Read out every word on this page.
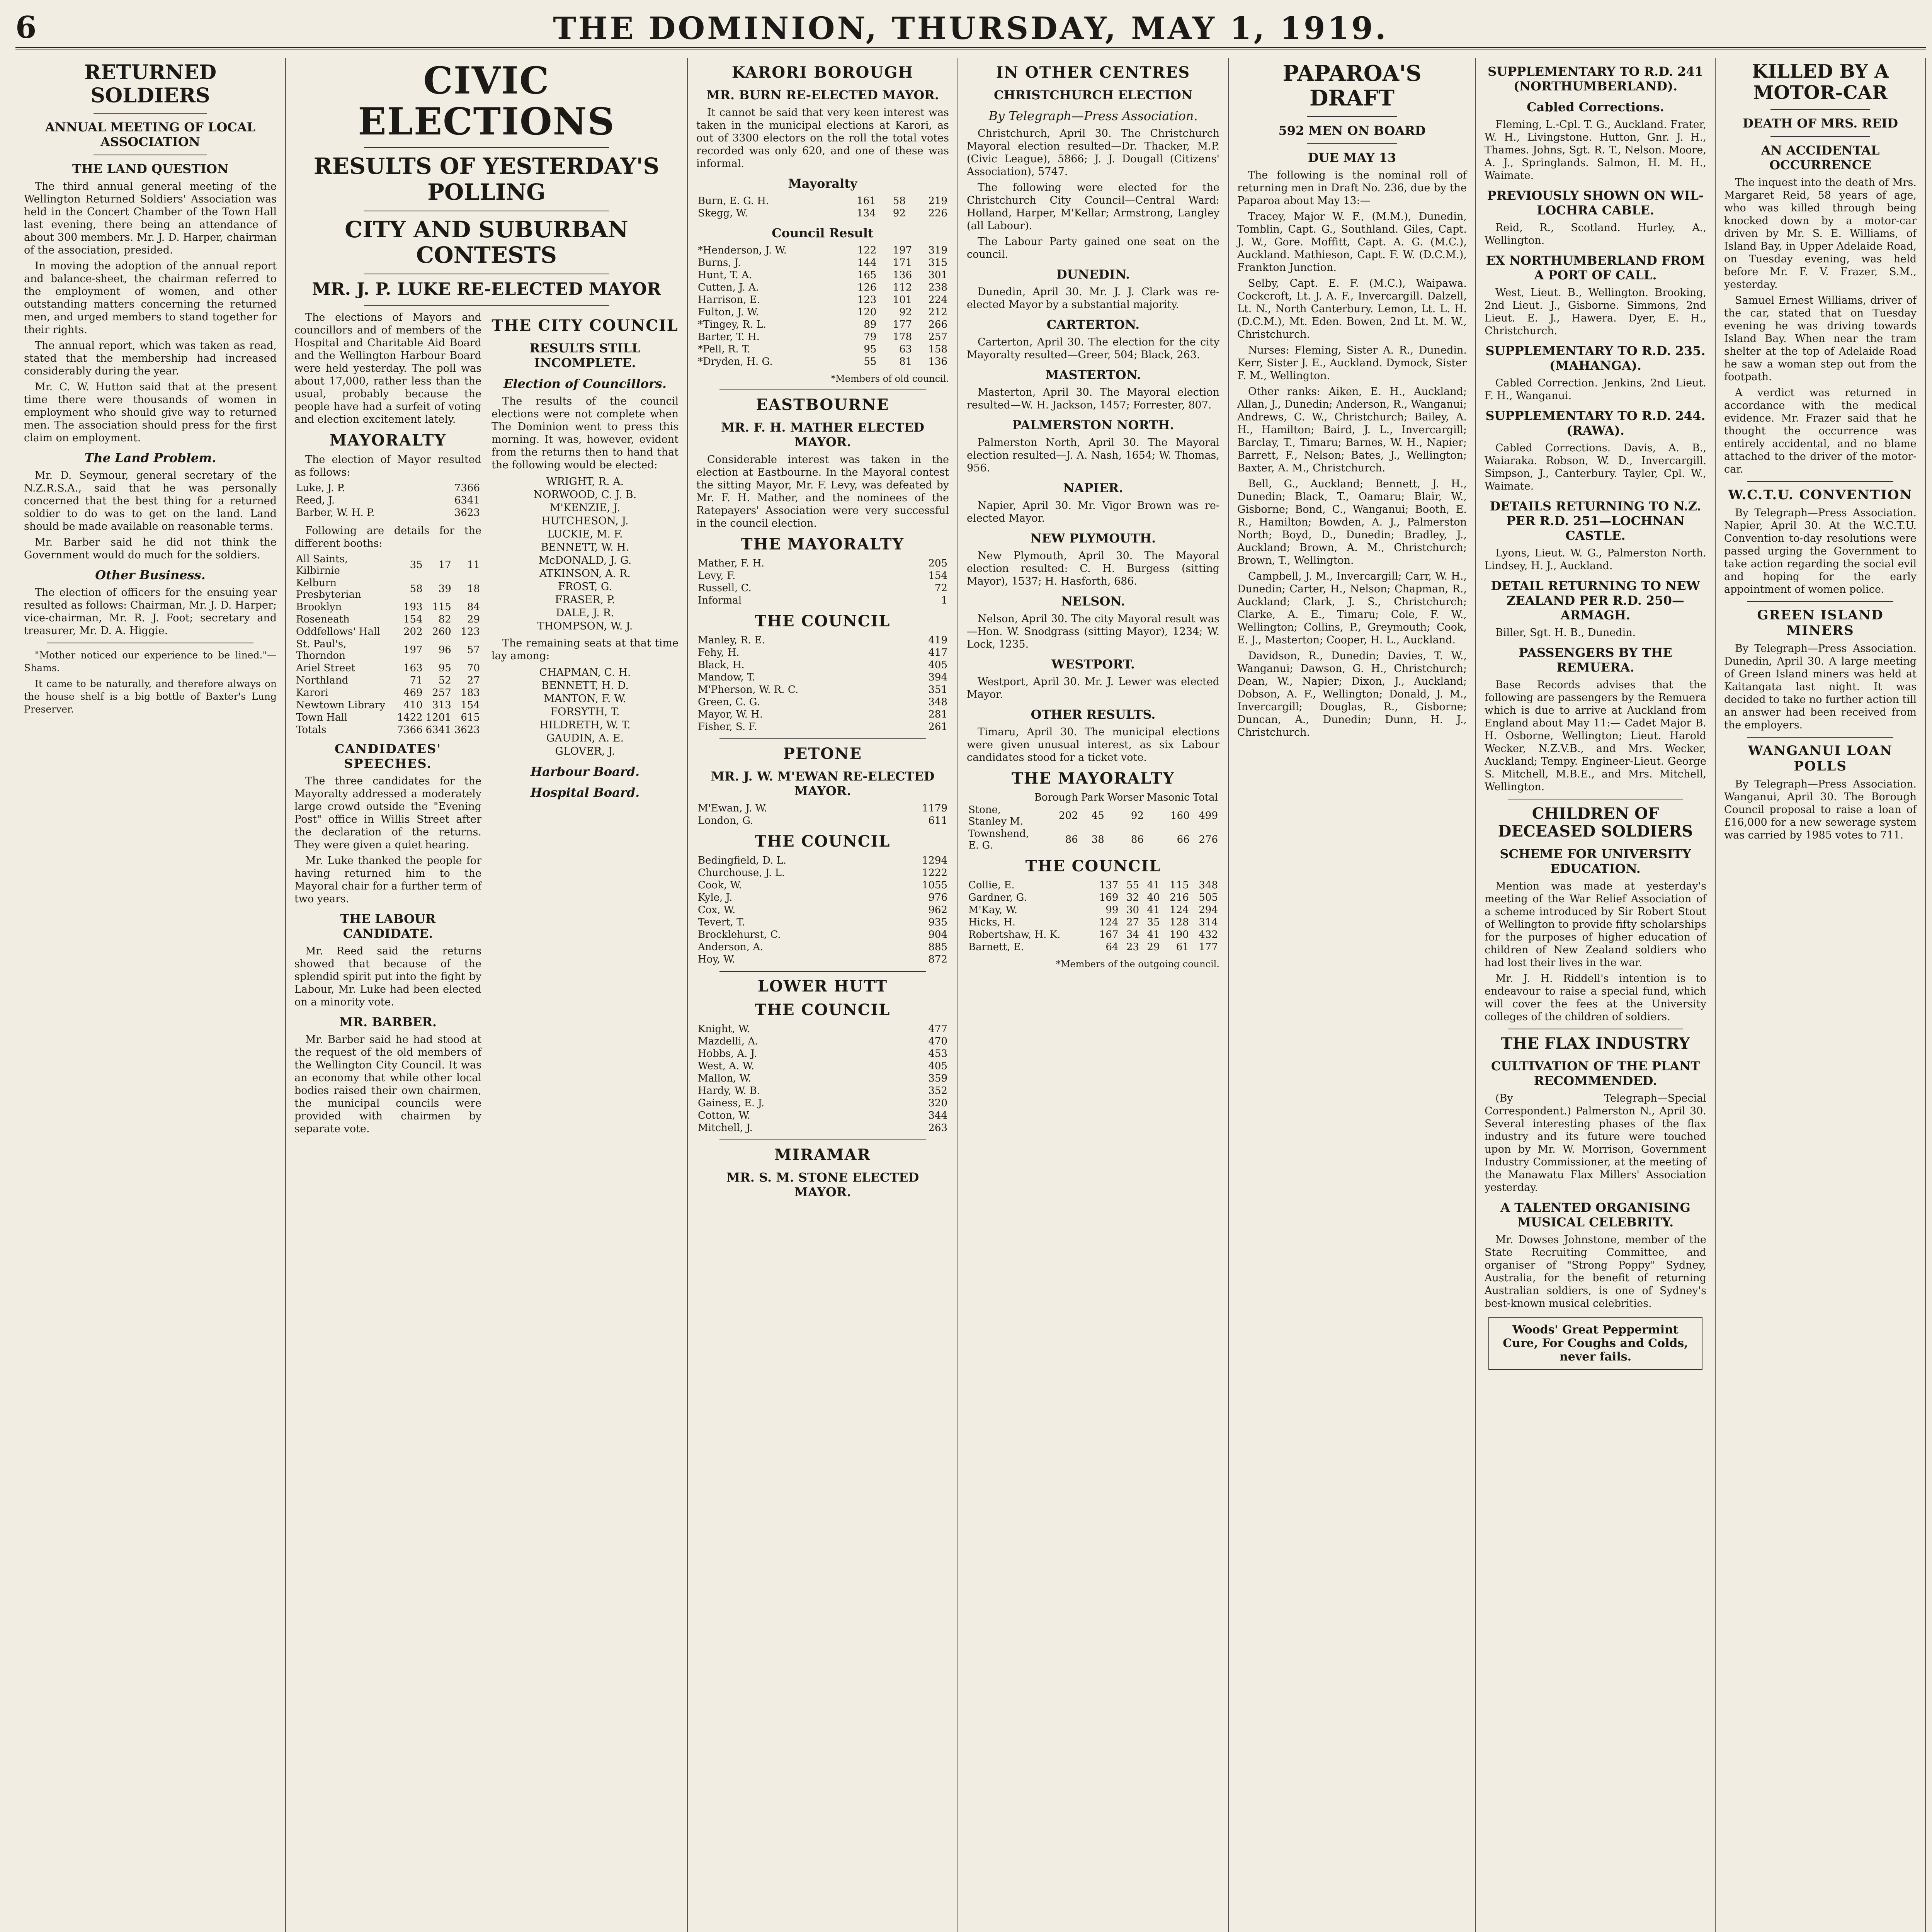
6	THE DOMINION, THURSDAY, MAY 1, 1919.
RETURNED SOLDIERS
ANNUAL MEETING OF LOCAL ASSOCIATION
THE LAND QUESTION

The third annual general meeting of the Wellington Returned Soldiers' Association was held in the Concert Chamber of the Town Hall last evening, there being an attendance of about 300 members. Mr. J. D. Harper, chairman of the association, presided.

In moving the adoption of the annual report and balance-sheet, the chairman referred to the employment of women, and other outstanding matters concerning the returned men, and urged members to stand together for their rights.

The annual report, which was taken as read, stated that the membership had increased considerably during the year.

Mr. C. W. Hutton said that at the present time there were thousands of women in employment who should give way to returned men. The association should press for the first claim on employment.

The Land Problem.

Mr. D. Seymour, general secretary of the N.Z.R.S.A., said that he was personally concerned that the best thing for a returned soldier to do was to get on the land. Land should be made available on reasonable terms.

Mr. Barber said he did not think the Government would do much for the soldiers.

Other Business.

The election of officers for the ensuing year resulted as follows: Chairman, Mr. J. D. Harper; vice-chairman, Mr. R. J. Foot; secretary and treasurer, Mr. D. A. Higgie.

"Mother noticed our experience to be lined."—Shams.

It came to be naturally, and therefore always on the house shelf is a big bottle of Baxter's Lung Preserver.

CIVIC ELECTIONS
RESULTS OF YESTERDAY'S POLLING
CITY AND SUBURBAN CONTESTS
MR. J. P. LUKE RE-ELECTED MAYOR

The elections of Mayors and councillors and of members of the Hospital and Charitable Aid Board and the Wellington Harbour Board were held yesterday. The poll was about 17,000, rather less than the usual, probably because the people have had a surfeit of voting and election excitement lately.

MAYORALTY

The election of Mayor resulted as follows:

Luke, J. P.	7366
Reed, J.	6341
Barber, W. H. P.	3623

Following are details for the different booths:

All Saints, Kilbirnie	35	17	11
Kelburn Presbyterian	58	39	18
Brooklyn	193	115	84
Roseneath	154	82	29
Oddfellows' Hall	202	260	123
St. Paul's, Thorndon	197	96	57
Ariel Street	163	95	70
Northland	71	52	27
Karori	469	257	183
Newtown Library	410	313	154
Town Hall	1422	1201	615
Totals	7366	6341	3623
CANDIDATES' SPEECHES.

The three candidates for the Mayoralty addressed a moderately large crowd outside the "Evening Post" office in Willis Street after the declaration of the returns. They were given a quiet hearing.

Mr. Luke thanked the people for having returned him to the Mayoral chair for a further term of two years.

THE LABOUR CANDIDATE.

Mr. Reed said the returns showed that because of the splendid spirit put into the fight by Labour, Mr. Luke had been elected on a minority vote.

MR. BARBER.

Mr. Barber said he had stood at the request of the old members of the Wellington City Council. It was an economy that while other local bodies raised their own chairmen, the municipal councils were provided with chairmen by separate vote.

THE CITY COUNCIL
RESULTS STILL INCOMPLETE.
Election of Councillors.

The results of the council elections were not complete when The Dominion went to press this morning. It was, however, evident from the returns then to hand that the following would be elected:

WRIGHT, R. A.
NORWOOD, C. J. B.
M'KENZIE, J.
HUTCHESON, J.
LUCKIE, M. F.
BENNETT, W. H.
McDONALD, J. G.
ATKINSON, A. R.
FROST, G.
FRASER, P.
DALE, J. R.
THOMPSON, W. J.

The remaining seats at that time lay among:

CHAPMAN, C. H.
BENNETT, H. D.
MANTON, F. W.
FORSYTH, T.
HILDRETH, W. T.
GAUDIN, A. E.
GLOVER, J.
Harbour Board.
Hospital Board.
KARORI BOROUGH
MR. BURN RE-ELECTED MAYOR.

It cannot be said that very keen interest was taken in the municipal elections at Karori, as out of 3300 electors on the roll the total votes recorded was only 620, and one of these was informal.

Mayoralty
Burn, E. G. H.	161	58	219
Skegg, W.	134	92	226
Council Result
*Henderson, J. W.	122	197	319
Burns, J.	144	171	315
Hunt, T. A.	165	136	301
Cutten, J. A.	126	112	238
Harrison, E.	123	101	224
Fulton, J. W.	120	92	212
*Tingey, R. L.	89	177	266
Barter, T. H.	79	178	257
*Pell, R. T.	95	63	158
*Dryden, H. G.	55	81	136
*Members of old council.
EASTBOURNE
MR. F. H. MATHER ELECTED MAYOR.

Considerable interest was taken in the election at Eastbourne. In the Mayoral contest the sitting Mayor, Mr. F. Levy, was defeated by Mr. F. H. Mather, and the nominees of the Ratepayers' Association were very successful in the council election.

THE MAYORALTY
Mather, F. H.	205
Levy, F.	154
Russell, C.	72
Informal	1
THE COUNCIL
Manley, R. E.	419
Fehy, H.	417
Black, H.	405
Mandow, T.	394
M'Pherson, W. R. C.	351
Green, C. G.	348
Mayor, W. H.	281
Fisher, S. F.	261
PETONE
MR. J. W. M'EWAN RE-ELECTED MAYOR.
M'Ewan, J. W.	1179
London, G.	611
THE COUNCIL
Bedingfield, D. L.	1294
Churchouse, J. L.	1222
Cook, W.	1055
Kyle, J.	976
Cox, W.	962
Tevert, T.	935
Brocklehurst, C.	904
Anderson, A.	885
Hoy, W.	872
LOWER HUTT
THE COUNCIL
Knight, W.	477
Mazdelli, A.	470
Hobbs, A. J.	453
West, A. W.	405
Mallon, W.	359
Hardy, W. B.	352
Gainess, E. J.	320
Cotton, W.	344
Mitchell, J.	263
MIRAMAR
MR. S. M. STONE ELECTED MAYOR.
IN OTHER CENTRES
CHRISTCHURCH ELECTION
By Telegraph—Press Association.

Christchurch, April 30. The Christchurch Mayoral election resulted—Dr. Thacker, M.P. (Civic League), 5866; J. J. Dougall (Citizens' Association), 5747.

The following were elected for the Christchurch City Council—Central Ward: Holland, Harper, M'Kellar; Armstrong, Langley (all Labour).

The Labour Party gained one seat on the council.

DUNEDIN.

Dunedin, April 30. Mr. J. J. Clark was re-elected Mayor by a substantial majority.

CARTERTON.

Carterton, April 30. The election for the city Mayoralty resulted—Greer, 504; Black, 263.

MASTERTON.

Masterton, April 30. The Mayoral election resulted—W. H. Jackson, 1457; Forrester, 807.

PALMERSTON NORTH.

Palmerston North, April 30. The Mayoral election resulted—J. A. Nash, 1654; W. Thomas, 956.

NAPIER.

Napier, April 30. Mr. Vigor Brown was re-elected Mayor.

NEW PLYMOUTH.

New Plymouth, April 30. The Mayoral election resulted: C. H. Burgess (sitting Mayor), 1537; H. Hasforth, 686.

NELSON.

Nelson, April 30. The city Mayoral result was—Hon. W. Snodgrass (sitting Mayor), 1234; W. Lock, 1235.

WESTPORT.

Westport, April 30. Mr. J. Lewer was elected Mayor.

OTHER RESULTS.

Timaru, April 30. The municipal elections were given unusual interest, as six Labour candidates stood for a ticket vote.

THE MAYORALTY
	Borough	Park	Worser	Masonic	Total
Stone, Stanley M.	202	45	92	160	499
Townshend, E. G.	86	38	86	66	276
THE COUNCIL
Collie, E.	137	55	41	115	348
Gardner, G.	169	32	40	216	505
M'Kay, W.	99	30	41	124	294
Hicks, H.	124	27	35	128	314
Robertshaw, H. K.	167	34	41	190	432
Barnett, E.	64	23	29	61	177
*Members of the outgoing council.
PAPAROA'S DRAFT
592 MEN ON BOARD
DUE MAY 13

The following is the nominal roll of returning men in Draft No. 236, due by the Paparoa about May 13:—

Tracey, Major W. F., (M.M.), Dunedin, Tomblin, Capt. G., Southland. Giles, Capt. J. W., Gore. Moffitt, Capt. A. G. (M.C.), Auckland. Mathieson, Capt. F. W. (D.C.M.), Frankton Junction.

Selby, Capt. E. F. (M.C.), Waipawa. Cockcroft, Lt. J. A. F., Invercargill. Dalzell, Lt. N., North Canterbury. Lemon, Lt. L. H. (D.C.M.), Mt. Eden. Bowen, 2nd Lt. M. W., Christchurch.

Nurses: Fleming, Sister A. R., Dunedin. Kerr, Sister J. E., Auckland. Dymock, Sister F. M., Wellington.

Other ranks: Aiken, E. H., Auckland; Allan, J., Dunedin; Anderson, R., Wanganui; Andrews, C. W., Christchurch; Bailey, A. H., Hamilton; Baird, J. L., Invercargill; Barclay, T., Timaru; Barnes, W. H., Napier; Barrett, F., Nelson; Bates, J., Wellington; Baxter, A. M., Christchurch.

Bell, G., Auckland; Bennett, J. H., Dunedin; Black, T., Oamaru; Blair, W., Gisborne; Bond, C., Wanganui; Booth, E. R., Hamilton; Bowden, A. J., Palmerston North; Boyd, D., Dunedin; Bradley, J., Auckland; Brown, A. M., Christchurch; Brown, T., Wellington.

Campbell, J. M., Invercargill; Carr, W. H., Dunedin; Carter, H., Nelson; Chapman, R., Auckland; Clark, J. S., Christchurch; Clarke, A. E., Timaru; Cole, F. W., Wellington; Collins, P., Greymouth; Cook, E. J., Masterton; Cooper, H. L., Auckland.

Davidson, R., Dunedin; Davies, T. W., Wanganui; Dawson, G. H., Christchurch; Dean, W., Napier; Dixon, J., Auckland; Dobson, A. F., Wellington; Donald, J. M., Invercargill; Douglas, R., Gisborne; Duncan, A., Dunedin; Dunn, H. J., Christchurch.

SUPPLEMENTARY TO R.D. 241 (NORTHUMBERLAND).
Cabled Corrections.

Fleming, L.-Cpl. T. G., Auckland. Frater, W. H., Livingstone. Hutton, Gnr. J. H., Thames. Johns, Sgt. R. T., Nelson. Moore, A. J., Springlands. Salmon, H. M. H., Waimate.

PREVIOUSLY SHOWN ON WIL-LOCHRA CABLE.

Reid, R., Scotland. Hurley, A., Wellington.

EX NORTHUMBERLAND FROM A PORT OF CALL.

West, Lieut. B., Wellington. Brooking, 2nd Lieut. J., Gisborne. Simmons, 2nd Lieut. E. J., Hawera. Dyer, E. H., Christchurch.

SUPPLEMENTARY TO R.D. 235. (MAHANGA).

Cabled Correction. Jenkins, 2nd Lieut. F. H., Wanganui.

SUPPLEMENTARY TO R.D. 244. (RAWA).

Cabled Corrections. Davis, A. B., Waiaraka. Robson, W. D., Invercargill. Simpson, J., Canterbury. Tayler, Cpl. W., Waimate.

DETAILS RETURNING TO N.Z. PER R.D. 251—LOCHNAN CASTLE.

Lyons, Lieut. W. G., Palmerston North. Lindsey, H. J., Auckland.

DETAIL RETURNING TO NEW ZEALAND PER R.D. 250—ARMAGH.

Biller, Sgt. H. B., Dunedin.

PASSENGERS BY THE REMUERA.

Base Records advises that the following are passengers by the Remuera which is due to arrive at Auckland from England about May 11:— Cadet Major B. H. Osborne, Wellington; Lieut. Harold Wecker, N.Z.V.B., and Mrs. Wecker, Auckland; Tempy. Engineer-Lieut. George S. Mitchell, M.B.E., and Mrs. Mitchell, Wellington.

CHILDREN OF DECEASED SOLDIERS
SCHEME FOR UNIVERSITY EDUCATION.

Mention was made at yesterday's meeting of the War Relief Association of a scheme introduced by Sir Robert Stout of Wellington to provide fifty scholarships for the purposes of higher education of children of New Zealand soldiers who had lost their lives in the war.

Mr. J. H. Riddell's intention is to endeavour to raise a special fund, which will cover the fees at the University colleges of the children of soldiers.

THE FLAX INDUSTRY
CULTIVATION OF THE PLANT RECOMMENDED.

(By Telegraph—Special Correspondent.) Palmerston N., April 30. Several interesting phases of the flax industry and its future were touched upon by Mr. W. Morrison, Government Industry Commissioner, at the meeting of the Manawatu Flax Millers' Association yesterday.

A TALENTED ORGANISING MUSICAL CELEBRITY.

Mr. Dowses Johnstone, member of the State Recruiting Committee, and organiser of "Strong Poppy" Sydney, Australia, for the benefit of returning Australian soldiers, is one of Sydney's best-known musical celebrities.

Woods' Great Peppermint Cure, For Coughs and Colds, never fails.
KILLED BY A MOTOR-CAR
DEATH OF MRS. REID
AN ACCIDENTAL OCCURRENCE

The inquest into the death of Mrs. Margaret Reid, 58 years of age, who was killed through being knocked down by a motor-car driven by Mr. S. E. Williams, of Island Bay, in Upper Adelaide Road, on Tuesday evening, was held before Mr. F. V. Frazer, S.M., yesterday.

Samuel Ernest Williams, driver of the car, stated that on Tuesday evening he was driving towards Island Bay. When near the tram shelter at the top of Adelaide Road he saw a woman step out from the footpath.

A verdict was returned in accordance with the medical evidence. Mr. Frazer said that he thought the occurrence was entirely accidental, and no blame attached to the driver of the motor-car.

W.C.T.U. CONVENTION

By Telegraph—Press Association. Napier, April 30. At the W.C.T.U. Convention to-day resolutions were passed urging the Government to take action regarding the social evil and hoping for the early appointment of women police.

GREEN ISLAND MINERS

By Telegraph—Press Association. Dunedin, April 30. A large meeting of Green Island miners was held at Kaitangata last night. It was decided to take no further action till an answer had been received from the employers.

WANGANUI LOAN POLLS

By Telegraph—Press Association. Wanganui, April 30. The Borough Council proposal to raise a loan of £16,000 for a new sewerage system was carried by 1985 votes to 711.
